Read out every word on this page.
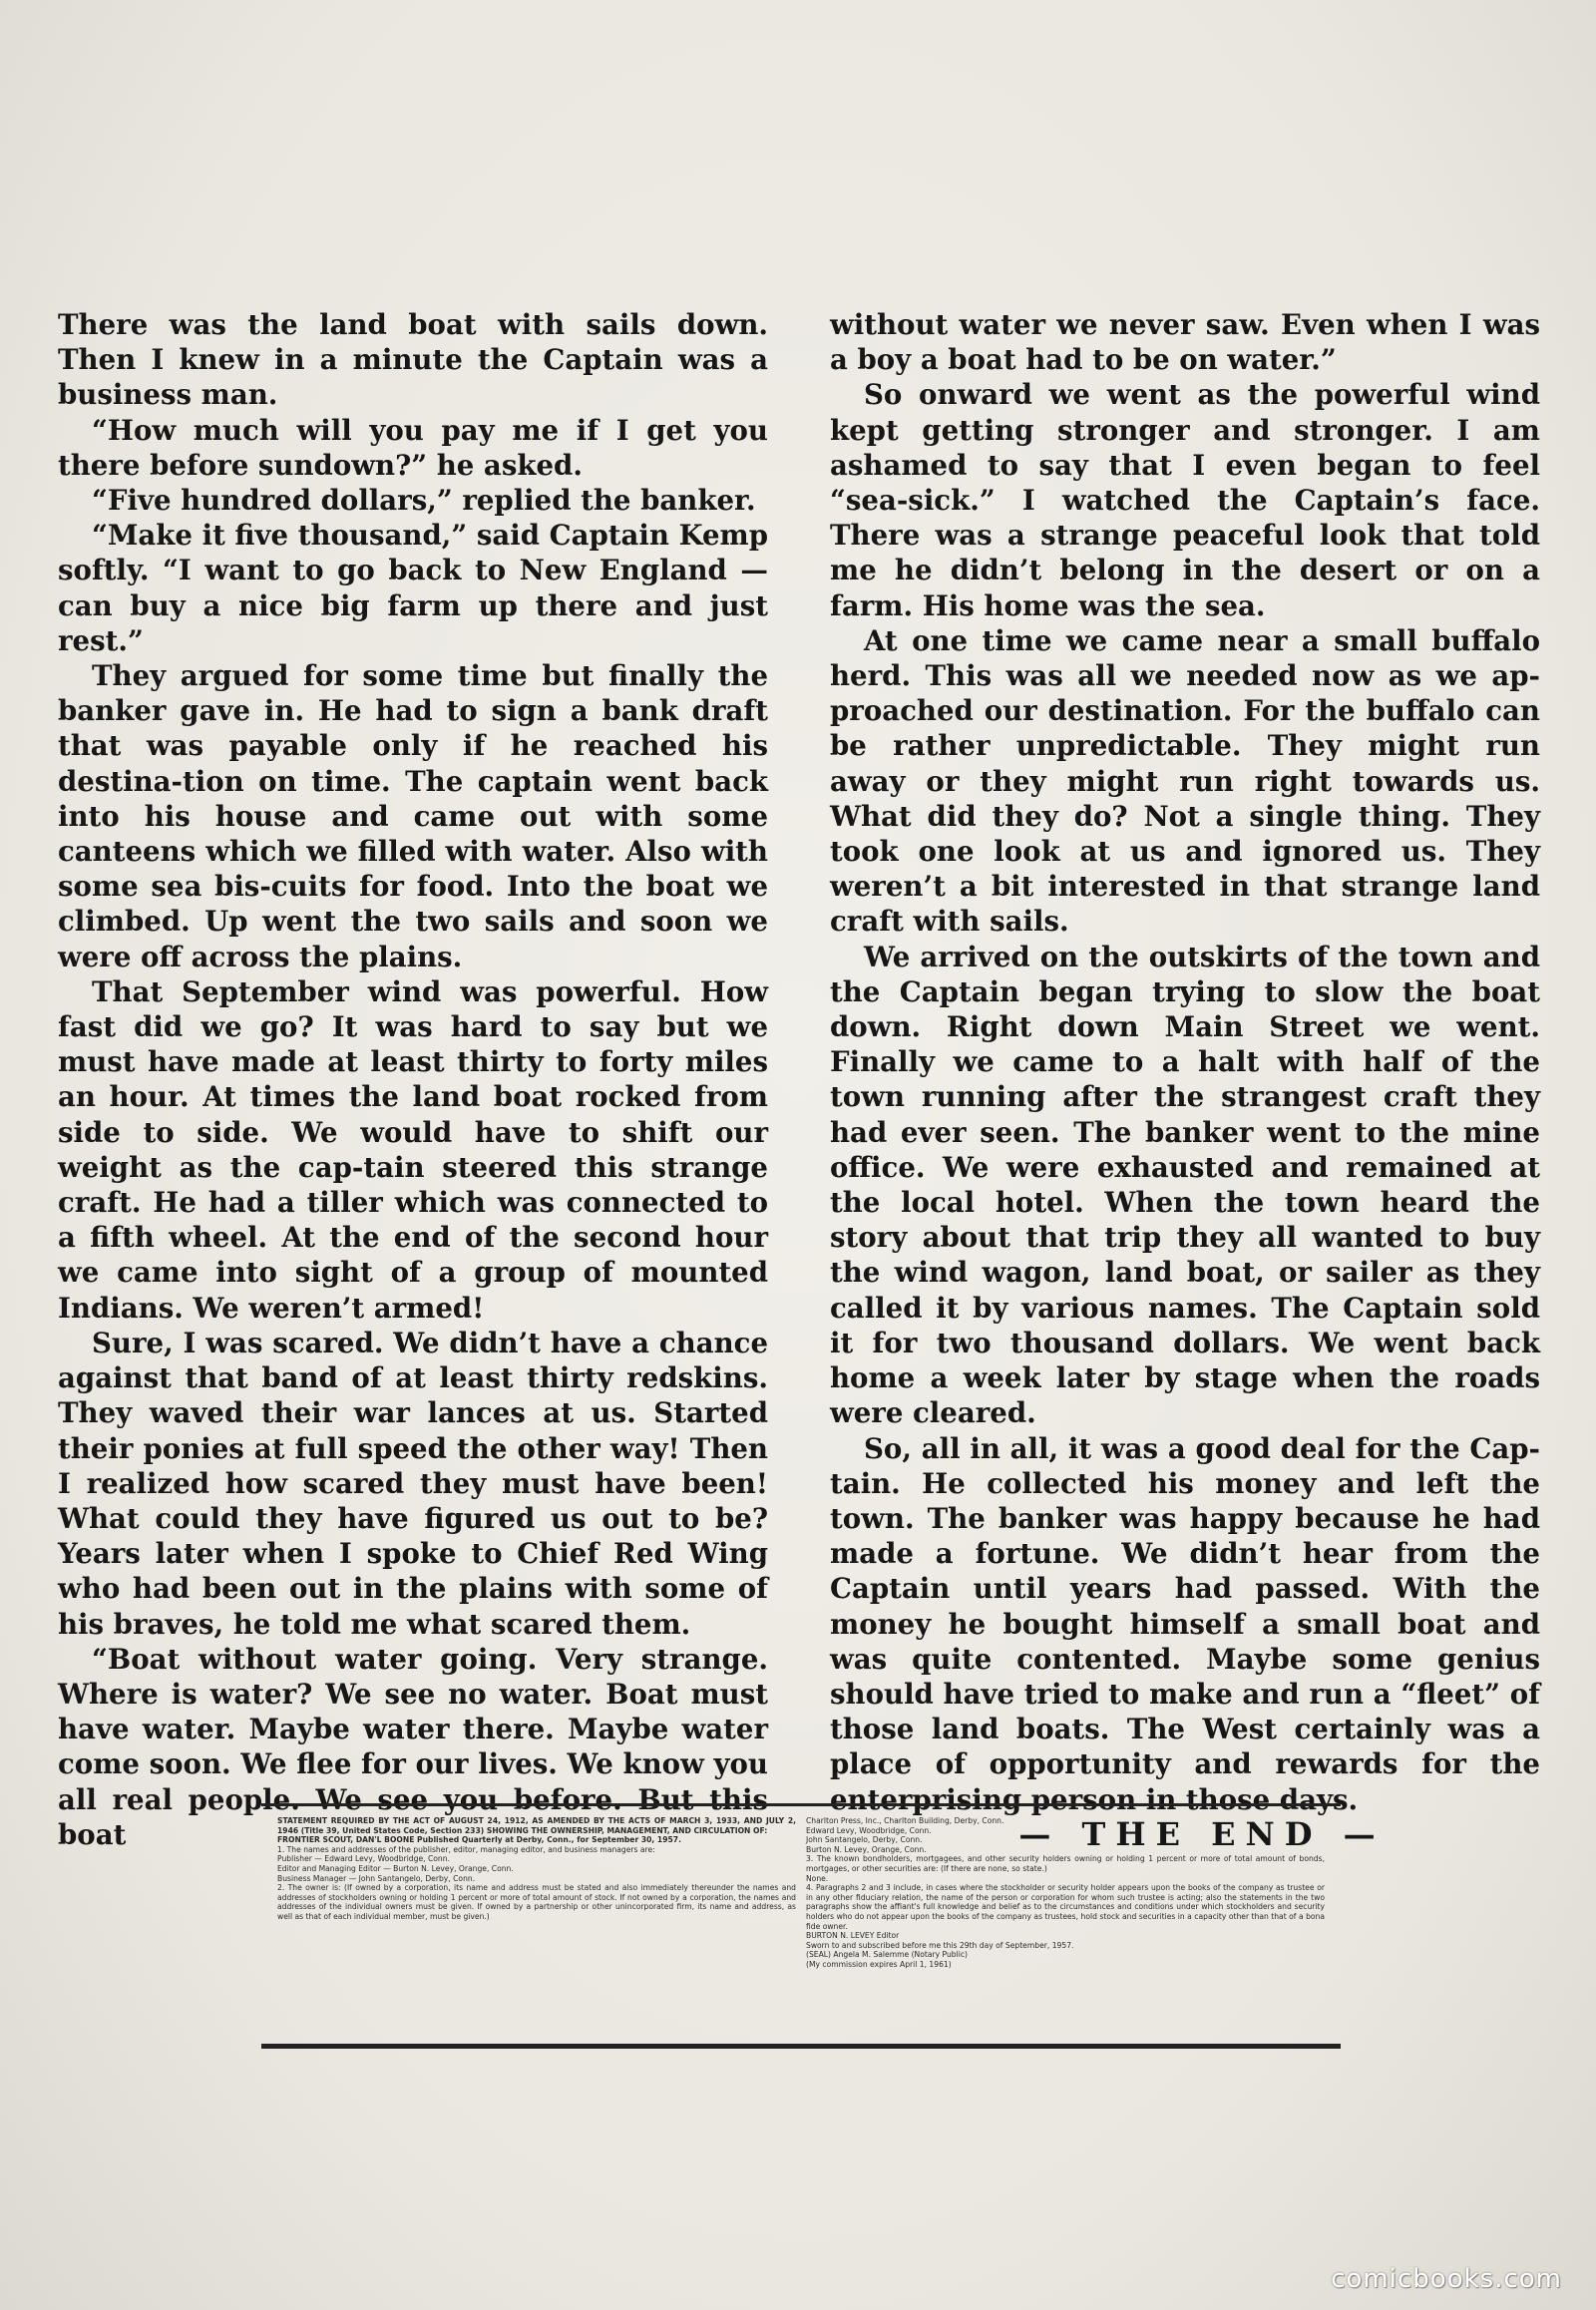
There was the land boat with sails down. Then I knew in a minute the Captain was a business man.

“How much will you pay me if I get you there before sundown?” he asked.

“Five hundred dollars,” replied the banker.

“Make it five thousand,” said Captain Kemp softly. “I want to go back to New England — can buy a nice big farm up there and just rest.”

They argued for some time but finally the banker gave in. He had to sign a bank draft that was payable only if he reached his destina-tion on time. The captain went back into his house and came out with some canteens which we filled with water. Also with some sea bis-cuits for food. Into the boat we climbed. Up went the two sails and soon we were off across the plains.

That September wind was powerful. How fast did we go? It was hard to say but we must have made at least thirty to forty miles an hour. At times the land boat rocked from side to side. We would have to shift our weight as the cap-tain steered this strange craft. He had a tiller which was connected to a fifth wheel. At the end of the second hour we came into sight of a group of mounted Indians. We weren’t armed!

Sure, I was scared. We didn’t have a chance against that band of at least thirty redskins. They waved their war lances at us. Started their ponies at full speed the other way! Then I realized how scared they must have been! What could they have figured us out to be? Years later when I spoke to Chief Red Wing who had been out in the plains with some of his braves, he told me what scared them.

“Boat without water going. Very strange. Where is water? We see no water. Boat must have water. Maybe water there. Maybe water come soon. We flee for our lives. We know you all real people. We see you before. But this boat

without water we never saw. Even when I was a boy a boat had to be on water.”

So onward we went as the powerful wind kept getting stronger and stronger. I am ashamed to say that I even began to feel “sea-sick.” I watched the Captain’s face. There was a strange peaceful look that told me he didn’t belong in the desert or on a farm. His home was the sea.

At one time we came near a small buffalo herd. This was all we needed now as we ap-proached our destination. For the buffalo can be rather unpredictable. They might run away or they might run right towards us. What did they do? Not a single thing. They took one look at us and ignored us. They weren’t a bit interested in that strange land craft with sails.

We arrived on the outskirts of the town and the Captain began trying to slow the boat down. Right down Main Street we went. Finally we came to a halt with half of the town running after the strangest craft they had ever seen. The banker went to the mine office. We were exhausted and remained at the local hotel. When the town heard the story about that trip they all wanted to buy the wind wagon, land boat, or sailer as they called it by various names. The Captain sold it for two thousand dollars. We went back home a week later by stage when the roads were cleared.

So, all in all, it was a good deal for the Cap-tain. He collected his money and left the town. The banker was happy because he had made a fortune. We didn’t hear from the Captain until years had passed. With the money he bought himself a small boat and was quite contented. Maybe some genius should have tried to make and run a “fleet” of those land boats. The West certainly was a place of opportunity and rewards for the enterprising person in those days.

— THE END —

STATEMENT REQUIRED BY THE ACT OF AUGUST 24, 1912, AS AMENDED BY THE ACTS OF MARCH 3, 1933, AND JULY 2, 1946 (Title 39, United States Code, Section 233) SHOWING THE OWNERSHIP, MANAGEMENT, AND CIRCULATION OF:

FRONTIER SCOUT, DAN'L BOONE Published Quarterly at Derby, Conn., for September 30, 1957.

1. The names and addresses of the publisher, editor, managing editor, and business managers are:

Publisher — Edward Levy, Woodbridge, Conn.

Editor and Managing Editor — Burton N. Levey, Orange, Conn.

Business Manager — John Santangelo, Derby, Conn.

2. The owner is: (If owned by a corporation, its name and address must be stated and also immediately thereunder the names and addresses of stockholders owning or holding 1 percent or more of total amount of stock. If not owned by a corporation, the names and addresses of the individual owners must be given. If owned by a partnership or other unincorporated firm, its name and address, as well as that of each individual member, must be given.)

Charlton Press, Inc., Charlton Building, Derby, Conn.

Edward Levy, Woodbridge, Conn.

John Santangelo, Derby, Conn.

Burton N. Levey, Orange, Conn.

3. The known bondholders, mortgagees, and other security holders owning or holding 1 percent or more of total amount of bonds, mortgages, or other securities are: (If there are none, so state.)

None.

4. Paragraphs 2 and 3 include, in cases where the stockholder or security holder appears upon the books of the company as trustee or in any other fiduciary relation, the name of the person or corporation for whom such trustee is acting; also the statements in the two paragraphs show the affiant's full knowledge and belief as to the circumstances and conditions under which stockholders and security holders who do not appear upon the books of the company as trustees, hold stock and securities in a capacity other than that of a bona fide owner.

BURTON N. LEVEY Editor

Sworn to and subscribed before me this 29th day of September, 1957.

(SEAL) Angela M. Salemme (Notary Public)

(My commission expires April 1, 1961)

comicbooks.com
